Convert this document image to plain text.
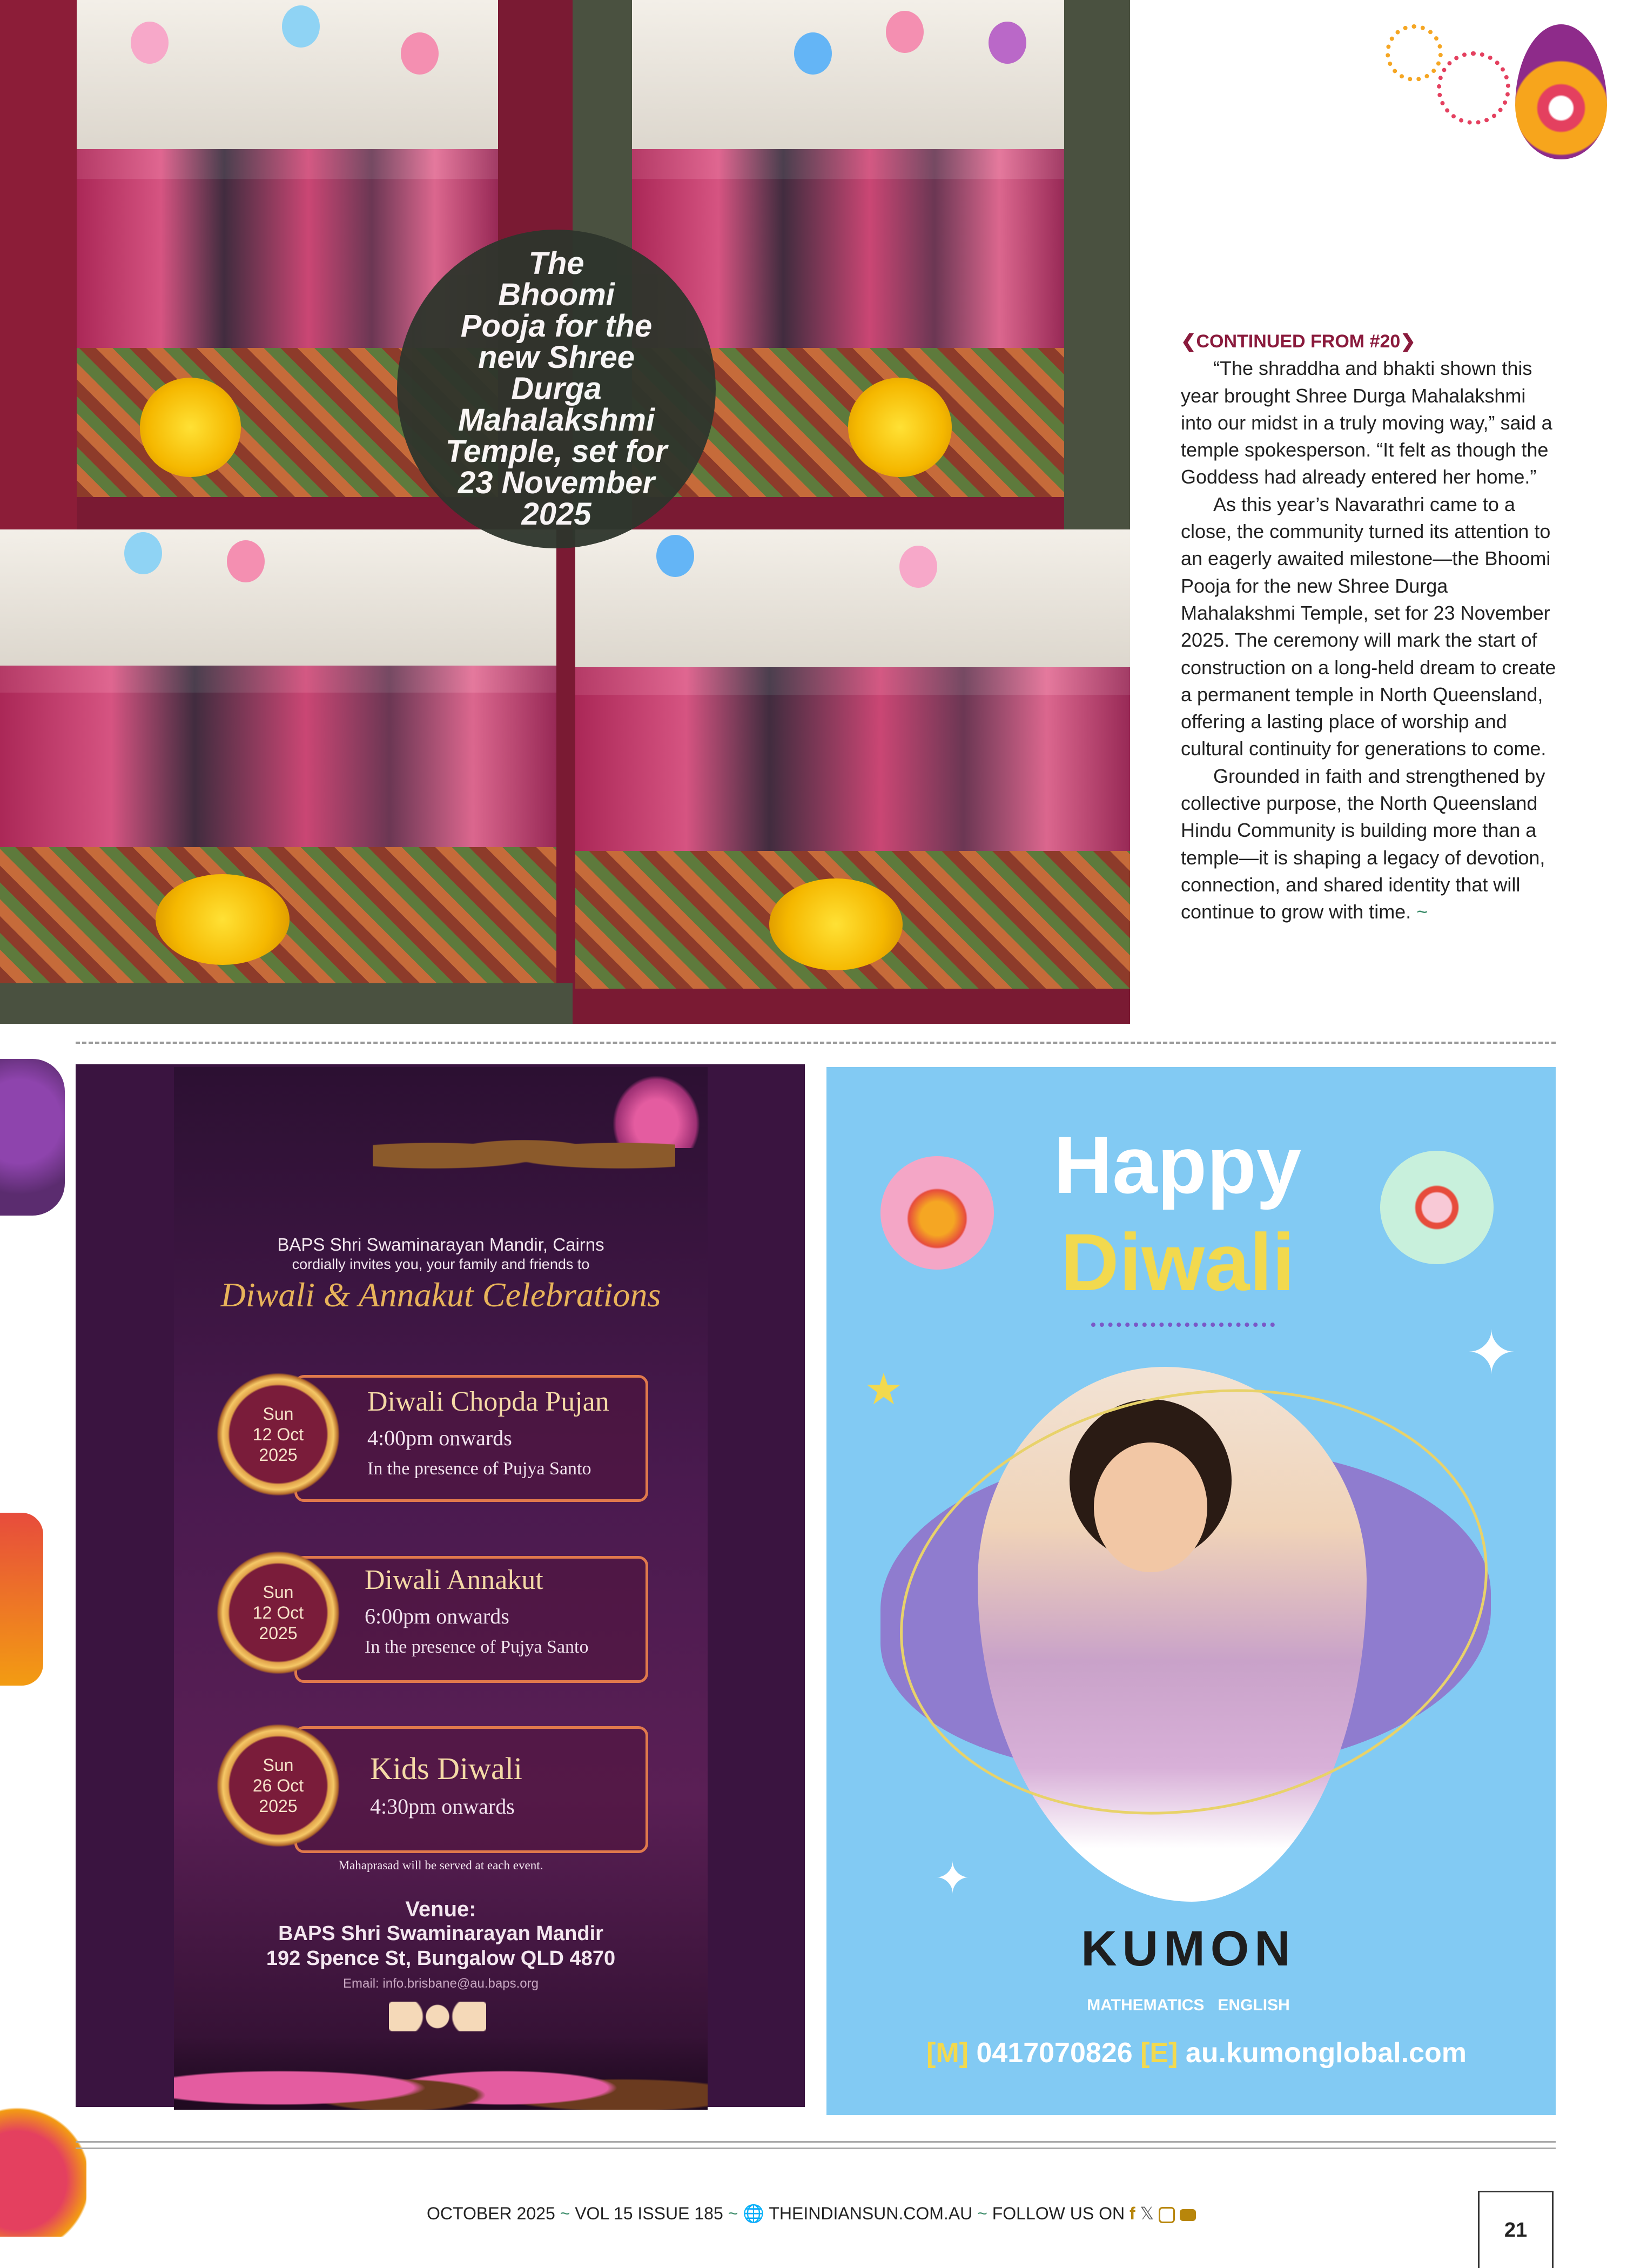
The
Bhoomi
Pooja for the
new Shree Durga
Mahalakshmi
Temple, set for
23 November
2025

❮CONTINUED FROM #20❯

“The shraddha and bhakti shown this year brought Shree Durga Mahalakshmi into our midst in a truly moving way,” said a temple spokesperson. “It felt as though the Goddess had already entered her home.”

As this year’s Navarathri came to a close, the community turned its attention to an eagerly awaited milestone—the Bhoomi Pooja for the new Shree Durga Mahalakshmi Temple, set for 23 November 2025. The ceremony will mark the start of construction on a long-held dream to create a permanent temple in North Queensland, offering a lasting place of worship and cultural continuity for generations to come.

Grounded in faith and strengthened by collective purpose, the North Queensland Hindu Community is building more than a temple—it is shaping a legacy of devotion, connection, and shared identity that will continue to grow with time. ~

BAPS Shri Swaminarayan Mandir, Cairns
cordially invites you, your family and friends to
Diwali & Annakut Celebrations
Sun
12 Oct
2025
Diwali Chopda Pujan
4:00pm onwards
In the presence of Pujya Santo
Sun
12 Oct
2025
Diwali Annakut
6:00pm onwards
In the presence of Pujya Santo
Sun
26 Oct
2025
Kids Diwali
4:30pm onwards
Mahaprasad will be served at each event.
Venue:
BAPS Shri Swaminarayan Mandir
192 Spence St, Bungalow QLD 4870
Email: info.brisbane@au.baps.org
Happy
Diwali
★
✦
✦
KUMON
MATHEMATICS   ENGLISH
[M] 0417070826 [E] au.kumonglobal.com
OCTOBER 2025 ~ VOL 15 ISSUE 185 ~ 🌐 THEINDIANSUN.COM.AU ~ FOLLOW US ON f 𝕏
21
